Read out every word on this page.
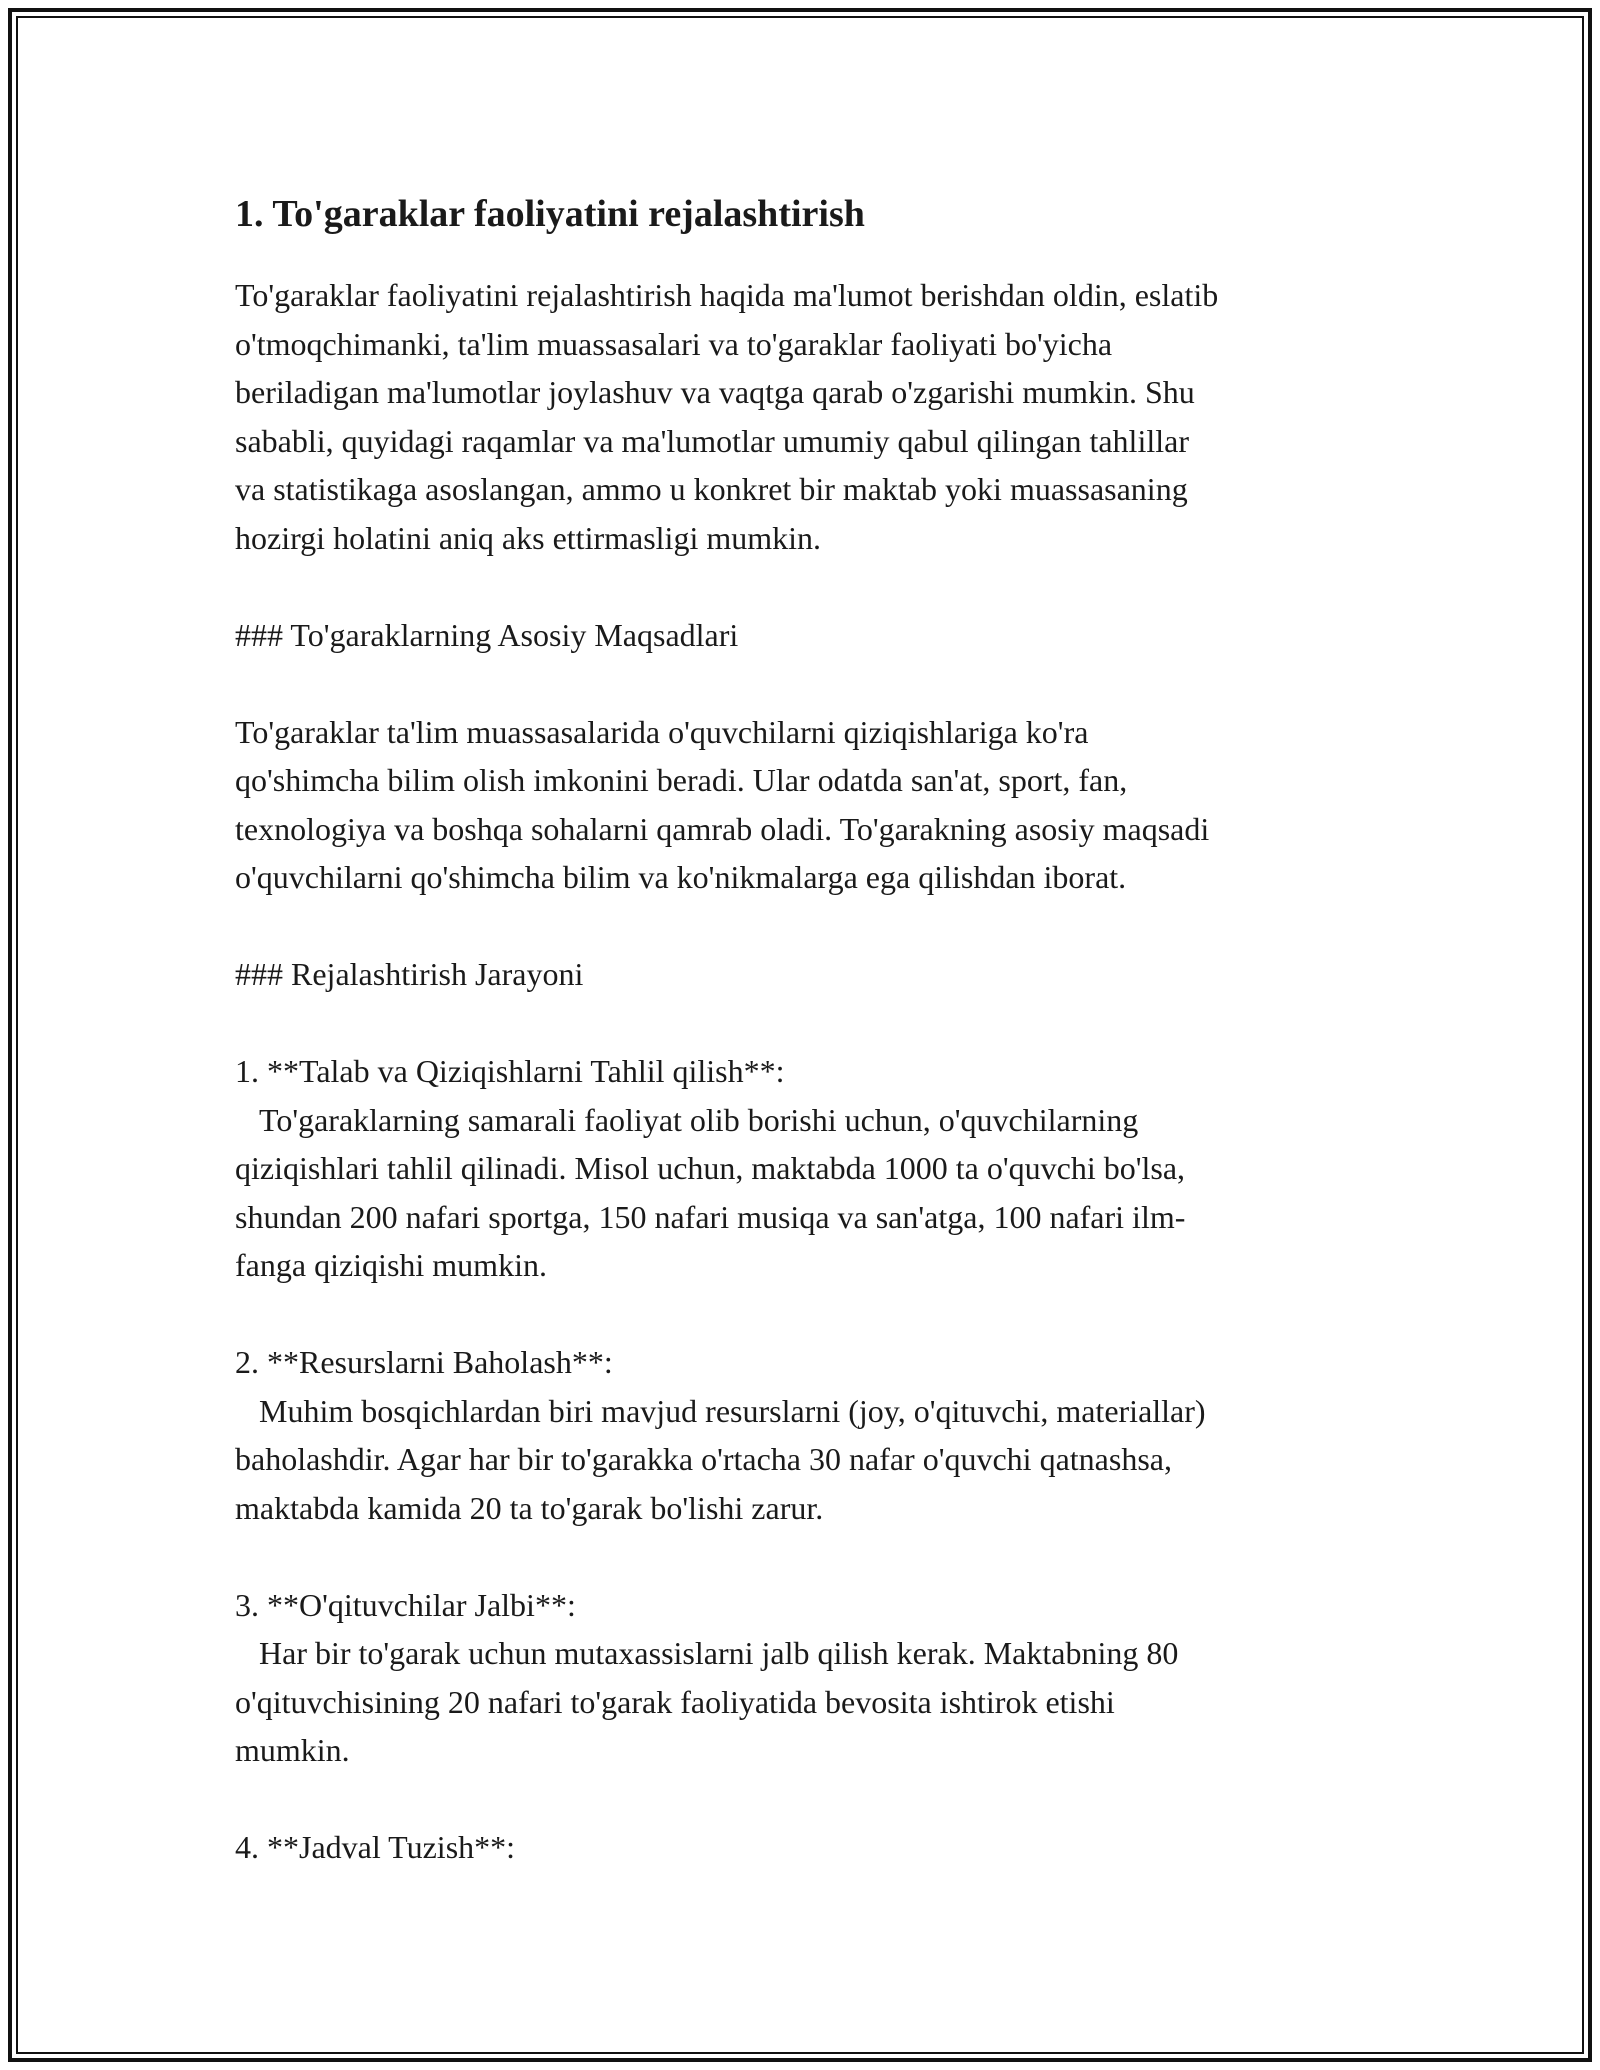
1. To'garaklar faoliyatini rejalashtirish

To'garaklar faoliyatini rejalashtirish haqida ma'lumot berishdan oldin, eslatib
o'tmoqchimanki, ta'lim muassasalari va to'garaklar faoliyati bo'yicha
beriladigan ma'lumotlar joylashuv va vaqtga qarab o'zgarishi mumkin. Shu
sababli, quyidagi raqamlar va ma'lumotlar umumiy qabul qilingan tahlillar
va statistikaga asoslangan, ammo u konkret bir maktab yoki muassasaning
hozirgi holatini aniq aks ettirmasligi mumkin.

### To'garaklarning Asosiy Maqsadlari

To'garaklar ta'lim muassasalarida o'quvchilarni qiziqishlariga ko'ra
qo'shimcha bilim olish imkonini beradi. Ular odatda san'at, sport, fan,
texnologiya va boshqa sohalarni qamrab oladi. To'garakning asosiy maqsadi
o'quvchilarni qo'shimcha bilim va ko'nikmalarga ega qilishdan iborat.

### Rejalashtirish Jarayoni

1. **Talab va Qiziqishlarni Tahlil qilish**:

To'garaklarning samarali faoliyat olib borishi uchun, o'quvchilarning
qiziqishlari tahlil qilinadi. Misol uchun, maktabda 1000 ta o'quvchi bo'lsa,
shundan 200 nafari sportga, 150 nafari musiqa va san'atga, 100 nafari ilm-
fanga qiziqishi mumkin.

2. **Resurslarni Baholash**:

Muhim bosqichlardan biri mavjud resurslarni (joy, o'qituvchi, materiallar)
baholashdir. Agar har bir to'garakka o'rtacha 30 nafar o'quvchi qatnashsa,
maktabda kamida 20 ta to'garak bo'lishi zarur.

3. **O'qituvchilar Jalbi**:

Har bir to'garak uchun mutaxassislarni jalb qilish kerak. Maktabning 80
o'qituvchisining 20 nafari to'garak faoliyatida bevosita ishtirok etishi
mumkin.

4. **Jadval Tuzish**:
